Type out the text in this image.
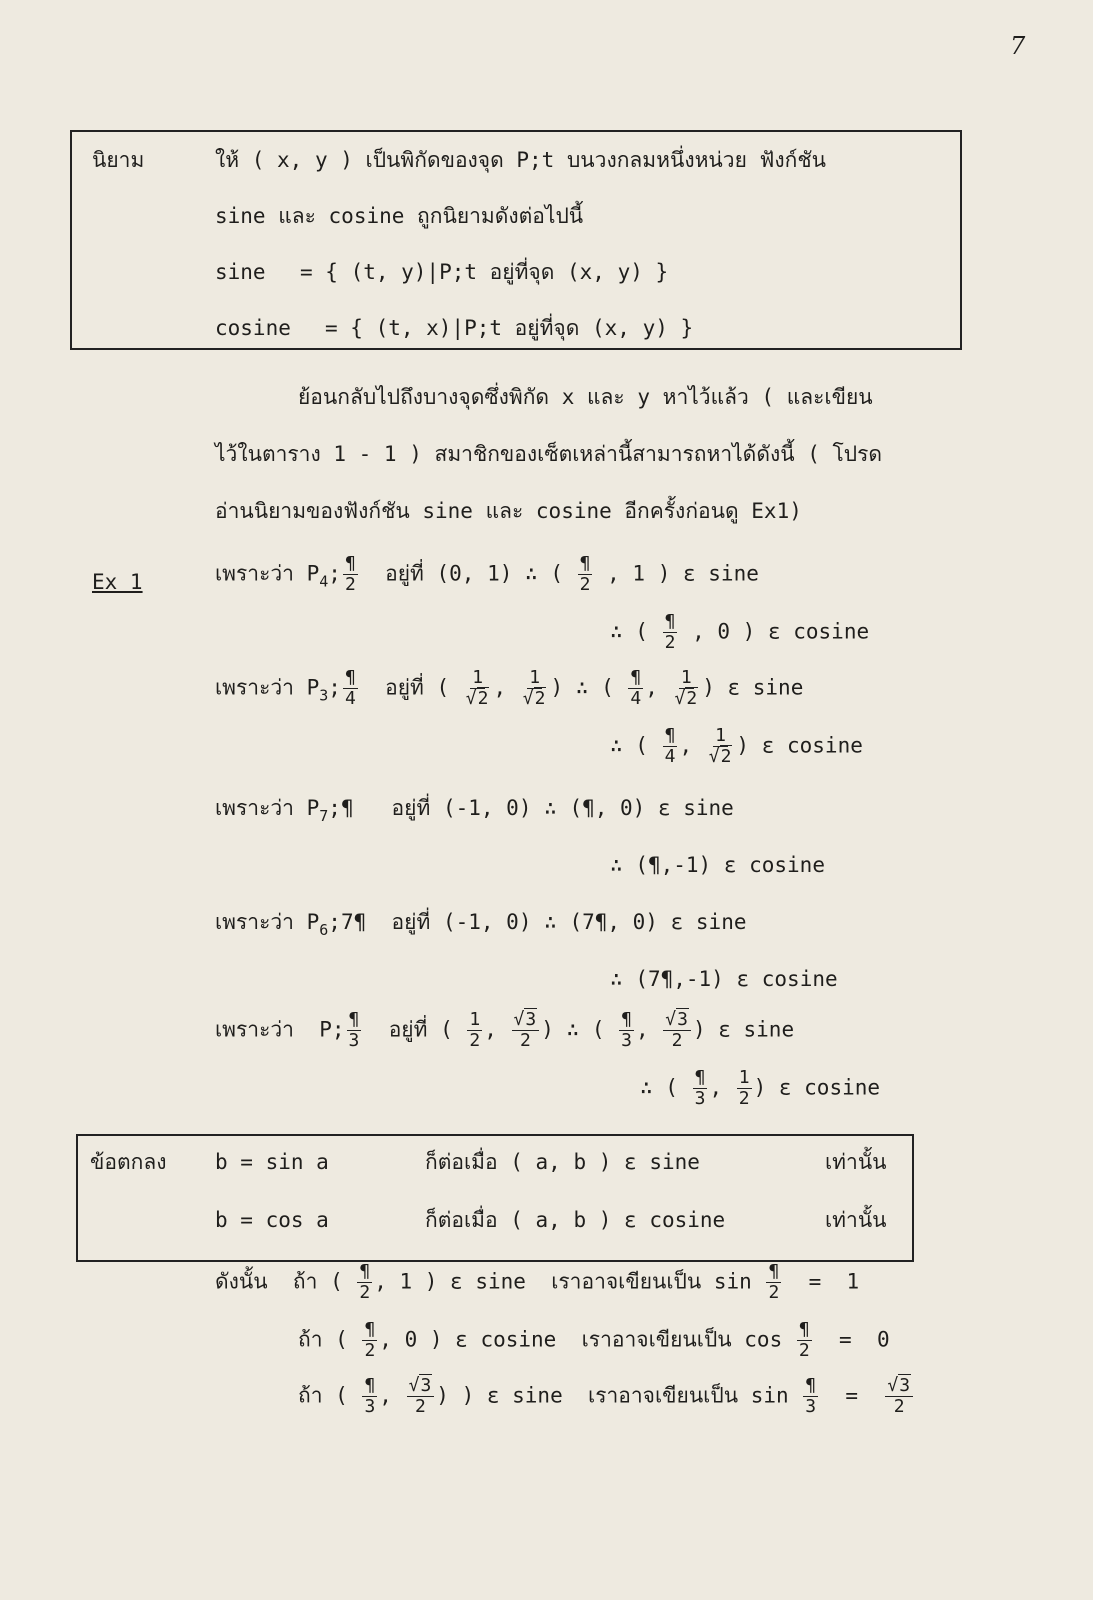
7
นิยาม	ให้ ( x, y ) เป็นพิกัดของจุด P;t บนวงกลมหนึ่งหน่วย ฟังก์ชัน
sine และ cosine ถูกนิยามดังต่อไปนี้
sine = { (t, y)|P;t อยู่ที่จุด (x, y) }
cosine = { (t, x)|P;t อยู่ที่จุด (x, y) }
ย้อนกลับไปถึงบางจุดซึ่งพิกัด x และ y หาไว้แล้ว ( และเขียน
ไว้ในตาราง 1 - 1 ) สมาชิกของเซ็ตเหล่านี้สามารถหาได้ดังนี้ ( โปรด
อ่านนิยามของฟังก์ชัน sine และ cosine อีกครั้งก่อนดู Ex1)
Ex 1	เพราะว่า $P_4$; $\frac{\P}{2}$ อยู่ที่ (0, 1) ∴ ( $\frac{\P}{2}$ , 1 ) ε sine
∴ ( $\frac{\P}{2}$ , 0 ) ε cosine
เพราะว่า $P_3$; $\frac{\P}{4}$ อยู่ที่ ( $\frac{1}{√2}$ , $\frac{1}{√2}$ ) ∴ ( $\frac{\P}{4}$ , $\frac{1}{√2}$ ) ε sine
∴ ( $\frac{\P}{4}$ , $\frac{1}{√2}$ ) ε cosine
เพราะว่า $P_7;\P$ อยู่ที่ (-1, 0) ∴ (¶, 0) ε sine
∴ (¶,-1) ε cosine
เพราะว่า $P_6;7\P$ อยู่ที่ (-1, 0) ∴ (7¶, 0) ε sine
∴ (7¶,-1) ε cosine
เพราะว่า  P; $\frac{\P}{3}$ อยู่ที่ ( $\frac{1}{2}$ , $\frac{√3}{2}$ ) ∴ ( $\frac{\P}{3}$ , $\frac{√3}{2}$ ) ε sine
∴ ( $\frac{\P}{3}$ , $\frac{1}{2}$ ) ε cosine
ข้อตกลง b = sin a	ก็ต่อเมื่อ ( a, b ) ε sine	เท่านั้น
b = cos a	ก็ต่อเมื่อ ( a, b ) ε cosine	เท่านั้น
ดังนั้น ถ้า ( $\frac{\P}{2}$ , 1 ) ε sine เราอาจเขียนเป็น $\sin \frac{\P}{2} = 1$
ถ้า ( $\frac{\P}{2}$ , 0 ) ε cosine เราอาจเขียนเป็น $\cos \frac{\P}{2} = 0$
ถ้า ( $\frac{\P}{3}$ , $\frac{√3}{2}$ ) ) ε sine เราอาจเขียนเป็น $\sin \frac{\P}{3} = \frac{√3}{2}$
